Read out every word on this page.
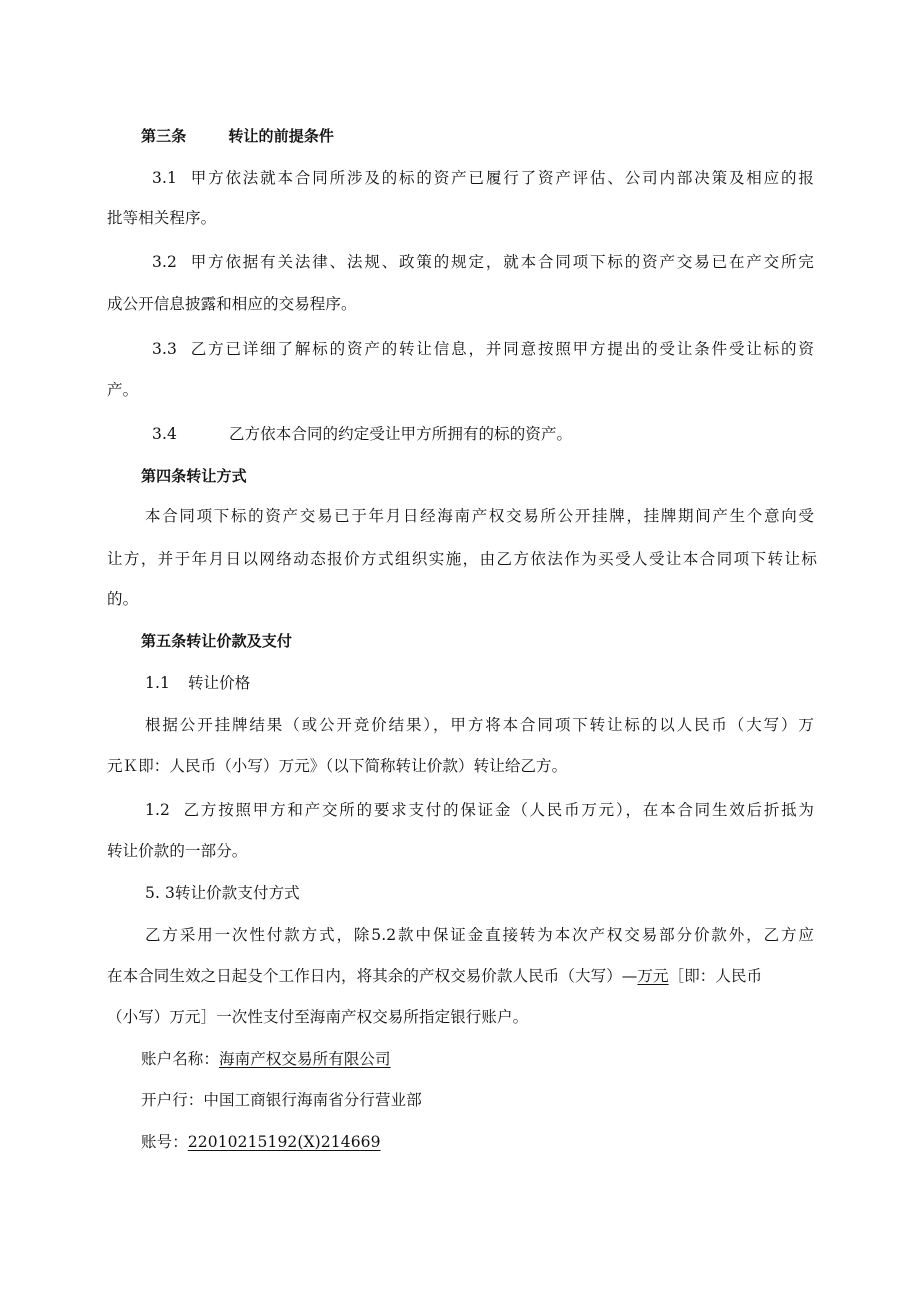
第三条	转让的前提条件
3.1 甲方依法就本合同所涉及的标的资产已履行了资产评估、公司内部决策及相应的报
批等相关程序。
3.2 甲方依据有关法律、法规、政策的规定，就本合同项下标的资产交易已在产交所完
成公开信息披露和相应的交易程序。
3.3 乙方已详细了解标的资产的转让信息，并同意按照甲方提出的受让条件受让标的资
产。
3.4	乙方依本合同的约定受让甲方所拥有的标的资产。
第四条转让方式
本合同项下标的资产交易已于年月日经海南产权交易所公开挂牌，挂牌期间产生个意向受
让方，并于年月日以网络动态报价方式组织实施，由乙方依法作为买受人受让本合同项下转让标
的。
第五条转让价款及支付
1.1 转让价格
根据公开挂牌结果（或公开竞价结果），甲方将本合同项下转让标的以人民币（大写）万
元Ｋ即：人民币（小写）万元》（以下简称转让价款）转让给乙方。
1.2 乙方按照甲方和产交所的要求支付的保证金（人民币万元），在本合同生效后折抵为
转让价款的一部分。
5. 3转让价款支付方式
乙方采用一次性付款方式，除5.2款中保证金直接转为本次产权交易部分价款外，乙方应
在本合同生效之日起殳个工作日内，将其余的产权交易价款人民币（大写）—万元［即：人民币
（小写）万元］一次性支付至海南产权交易所指定银行账户。
账户名称：海南产权交易所有限公司
开户行：中国工商银行海南省分行营业部
账号：22010215192(X)214669
